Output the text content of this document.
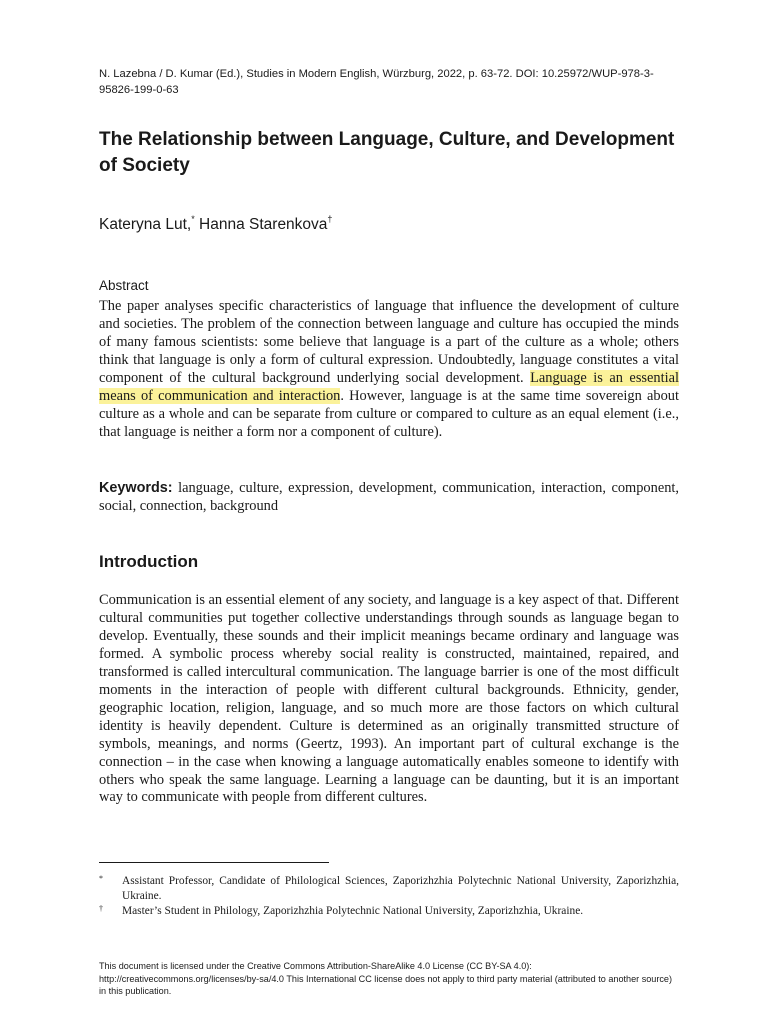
N. Lazebna / D. Kumar (Ed.), Studies in Modern English, Würzburg, 2022, p. 63-72. DOI: 10.25972/WUP-978-3-95826-199-0-63
The Relationship between Language, Culture, and Development of Society
Kateryna Lut,* Hanna Starenkova†
Abstract

The paper analyses specific characteristics of language that influence the development of culture and societies. The problem of the connection between language and culture has occupied the minds of many famous scientists: some believe that language is a part of the culture as a whole; others think that language is only a form of cultural expression. Undoubtedly, language constitutes a vital component of the cultural background underlying social development. Language is an essential means of communication and interaction. However, language is at the same time sovereign about culture as a whole and can be separate from culture or compared to culture as an equal element (i.e., that language is neither a form nor a component of culture).

Keywords: language, culture, expression, development, communication, interaction, component, social, connection, background

Introduction

Communication is an essential element of any society, and language is a key aspect of that. Different cultural communities put together collective understandings through sounds as language began to develop. Eventually, these sounds and their implicit meanings became ordinary and language was formed. A symbolic process whereby social reality is constructed, maintained, repaired, and transformed is called intercultural communication. The language barrier is one of the most difficult moments in the interaction of people with different cultural backgrounds. Ethnicity, gender, geographic location, religion, language, and so much more are those factors on which cultural identity is heavily dependent. Culture is determined as an originally transmitted structure of symbols, meanings, and norms (Geertz, 1993). An important part of cultural exchange is the connection – in the case when knowing a language automatically enables someone to identify with others who speak the same language. Learning a language can be daunting, but it is an important way to communicate with people from different cultures.

* Assistant Professor, Candidate of Philological Sciences, Zaporizhzhia Polytechnic National University, Zaporizhzhia, Ukraine.
† Master’s Student in Philology, Zaporizhzhia Polytechnic National University, Zaporizhzhia, Ukraine.
This document is licensed under the Creative Commons Attribution-ShareAlike 4.0 License (CC BY-SA 4.0): http://creativecommons.org/licenses/by-sa/4.0 This International CC license does not apply to third party material (attributed to another source) in this publication.
